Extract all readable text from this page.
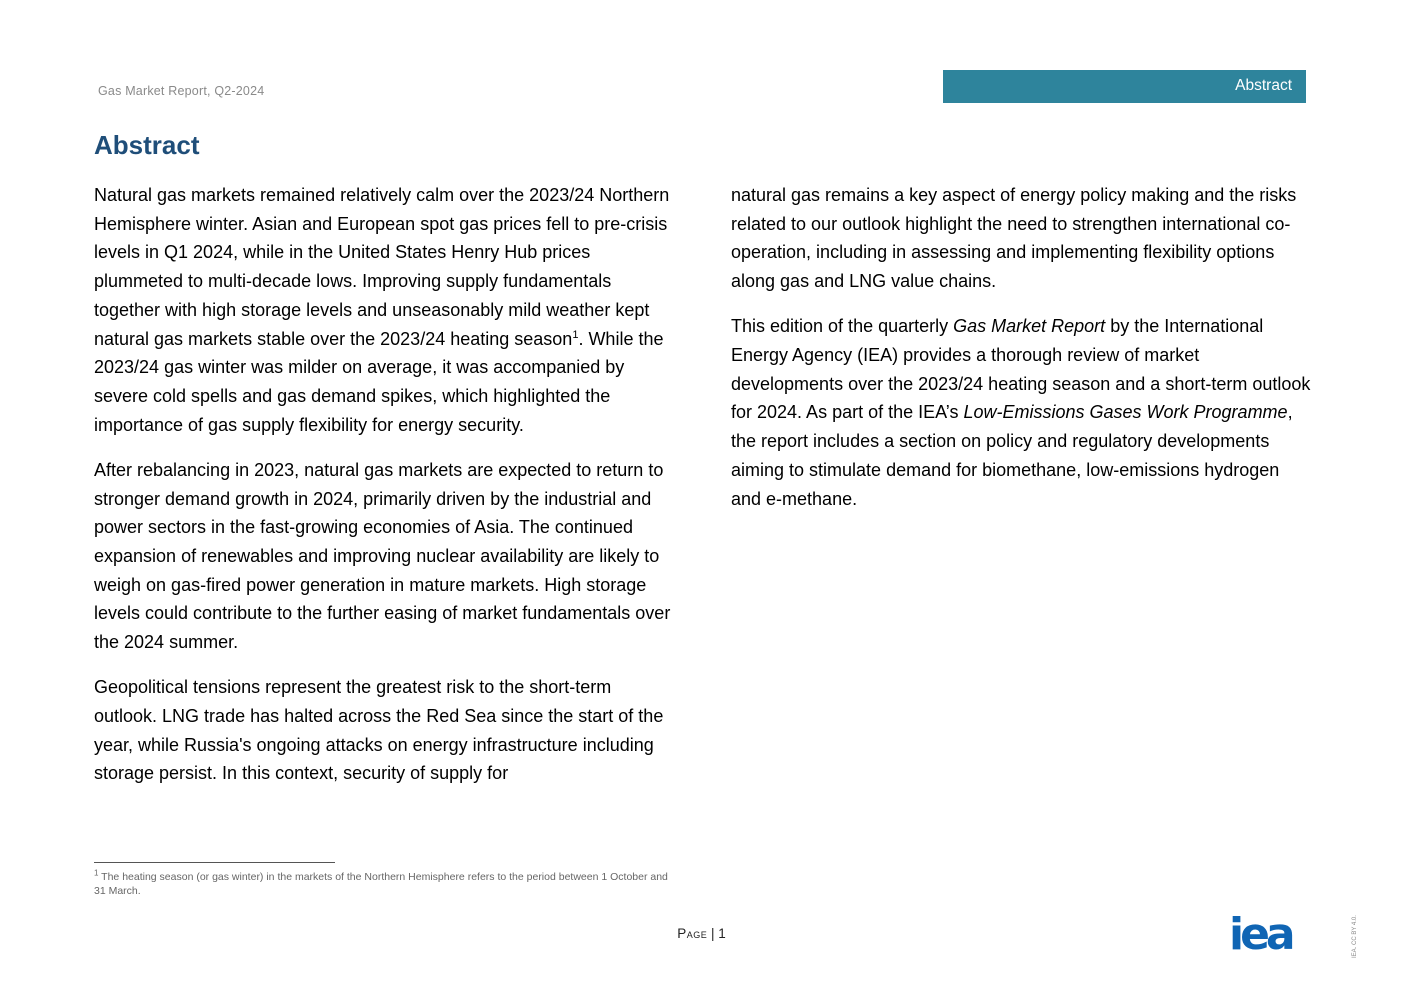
Gas Market Report, Q2-2024	Abstract
Abstract

Natural gas markets remained relatively calm over the 2023/24 Northern Hemisphere winter. Asian and European spot gas prices fell to pre-crisis levels in Q1 2024, while in the United States Henry Hub prices plummeted to multi-decade lows. Improving supply fundamentals together with high storage levels and unseasonably mild weather kept natural gas markets stable over the 2023/24 heating season$^1$. While the 2023/24 gas winter was milder on average, it was accompanied by severe cold spells and gas demand spikes, which highlighted the importance of gas supply flexibility for energy security.

After rebalancing in 2023, natural gas markets are expected to return to stronger demand growth in 2024, primarily driven by the industrial and power sectors in the fast-growing economies of Asia. The continued expansion of renewables and improving nuclear availability are likely to weigh on gas-fired power generation in mature markets. High storage levels could contribute to the further easing of market fundamentals over the 2024 summer.

Geopolitical tensions represent the greatest risk to the short-term outlook. LNG trade has halted across the Red Sea since the start of the year, while Russia's ongoing attacks on energy infrastructure including storage persist. In this context, security of supply for

natural gas remains a key aspect of energy policy making and the risks related to our outlook highlight the need to strengthen international co-operation, including in assessing and implementing flexibility options along gas and LNG value chains.

This edition of the quarterly Gas Market Report by the International Energy Agency (IEA) provides a thorough review of market developments over the 2023/24 heating season and a short-term outlook for 2024. As part of the IEA’s Low-Emissions Gases Work Programme, the report includes a section on policy and regulatory developments aiming to stimulate demand for biomethane, low-emissions hydrogen and e-methane.

$^1$ The heating season (or gas winter) in the markets of the Northern Hemisphere refers to the period between 1 October and 31 March.
Page | 1	iea	IEA. CC BY 4.0.
